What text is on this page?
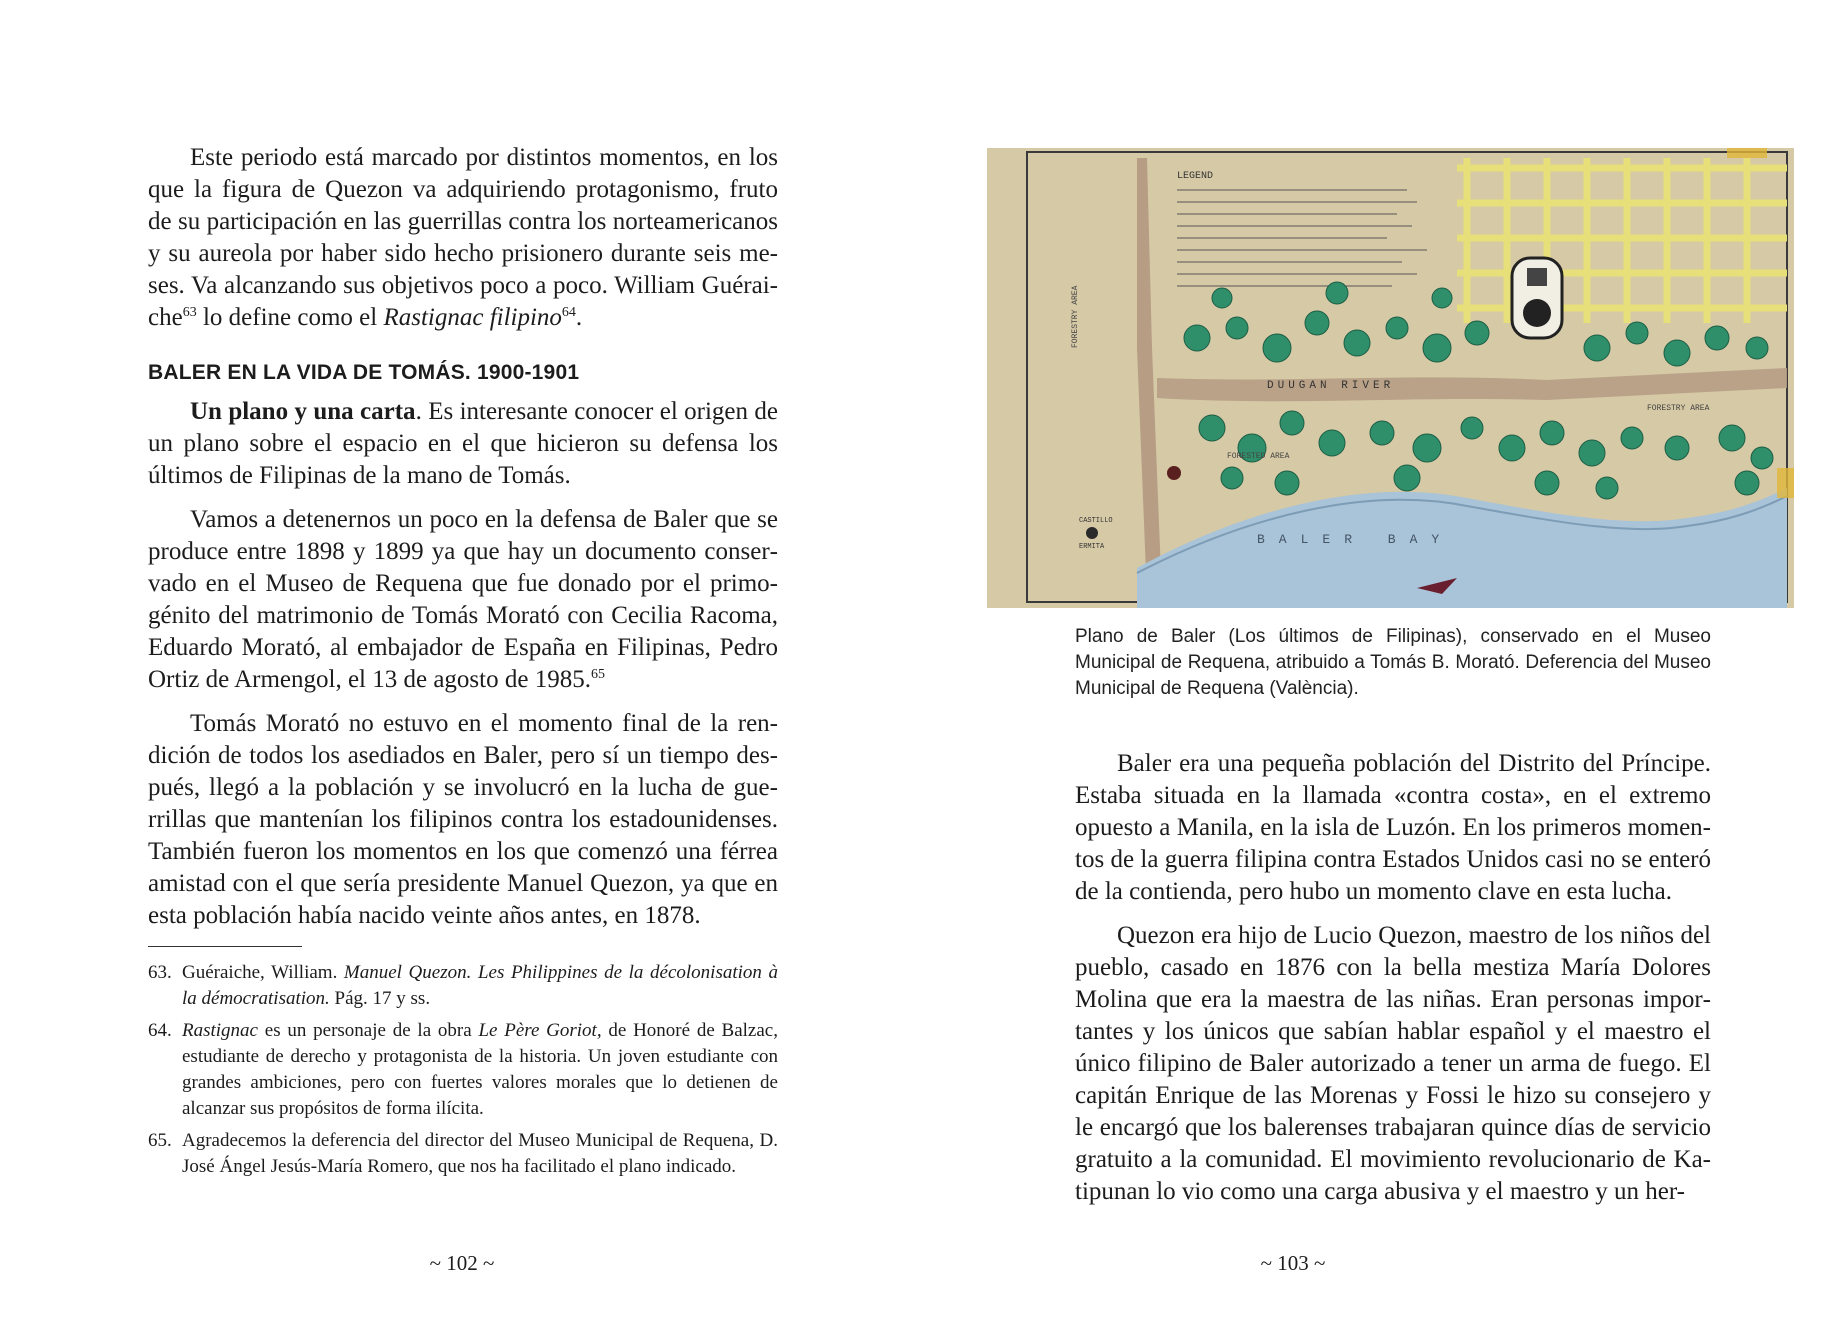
Este periodo está marcado por distintos momentos, en los que la figura de Quezon va adquiriendo protagonismo, fruto de su participación en las guerrillas contra los norteamericanos y su aureola por haber sido hecho prisionero durante seis meses. Va alcanzando sus objetivos poco a poco. William Guéraiche$^{63}$ lo define como el Rastignac filipino$^{64}$.

BALER EN LA VIDA DE TOMÁS. 1900-1901

Un plano y una carta. Es interesante conocer el origen de un plano sobre el espacio en el que hicieron su defensa los últimos de Filipinas de la mano de Tomás.

Vamos a detenernos un poco en la defensa de Baler que se produce entre 1898 y 1899 ya que hay un documento conservado en el Museo de Requena que fue donado por el primogénito del matrimonio de Tomás Morató con Cecilia Racoma, Eduardo Morató, al embajador de España en Filipinas, Pedro Ortiz de Armengol, el 13 de agosto de 1985.65

Tomás Morató no estuvo en el momento final de la rendición de todos los asediados en Baler, pero sí un tiempo después, llegó a la población y se involucró en la lucha de guerrillas que mantenían los filipinos contra los estadounidenses. También fueron los momentos en los que comenzó una férrea amistad con el que sería presidente Manuel Quezon, ya que en esta población había nacido veinte años antes, en 1878.

63. Guéraiche, William. Manuel Quezon. Les Philippines de la décolonisation à la démocratisation. Pág. 17 y ss.
64. Rastignac es un personaje de la obra Le Père Goriot, de Honoré de Balzac, estudiante de derecho y protagonista de la historia. Un joven estudiante con grandes ambiciones, pero con fuertes valores morales que lo detienen de alcanzar sus propósitos de forma ilícita.
65. Agradecemos la deferencia del director del Museo Municipal de Requena, D. José Ángel Jesús-María Romero, que nos ha facilitado el plano indicado.
~ 102 ~
LEGEND
DUUGAN RIVER
BALER BAY
FORESTED AREA
FORESTRY AREA
FORESTRY AREA
CASTILLO
ERMITA
Plano de Baler (Los últimos de Filipinas), conservado en el Museo Municipal de Requena, atribuido a Tomás B. Morató. Deferencia del Museo Municipal de Requena (València).

Baler era una pequeña población del Distrito del Príncipe. Estaba situada en la llamada «contra costa», en el extremo opuesto a Manila, en la isla de Luzón. En los primeros momentos de la guerra filipina contra Estados Unidos casi no se enteró de la contienda, pero hubo un momento clave en esta lucha.

Quezon era hijo de Lucio Quezon, maestro de los niños del pueblo, casado en 1876 con la bella mestiza María Dolores Molina que era la maestra de las niñas. Eran personas importantes y los únicos que sabían hablar español y el maestro el único filipino de Baler autorizado a tener un arma de fuego. El capitán Enrique de las Morenas y Fossi le hizo su consejero y le encargó que los balerenses trabajaran quince días de servicio gratuito a la comunidad. El movimiento revolucionario de Katipunan lo vio como una carga abusiva y el maestro y un her-

~ 103 ~
